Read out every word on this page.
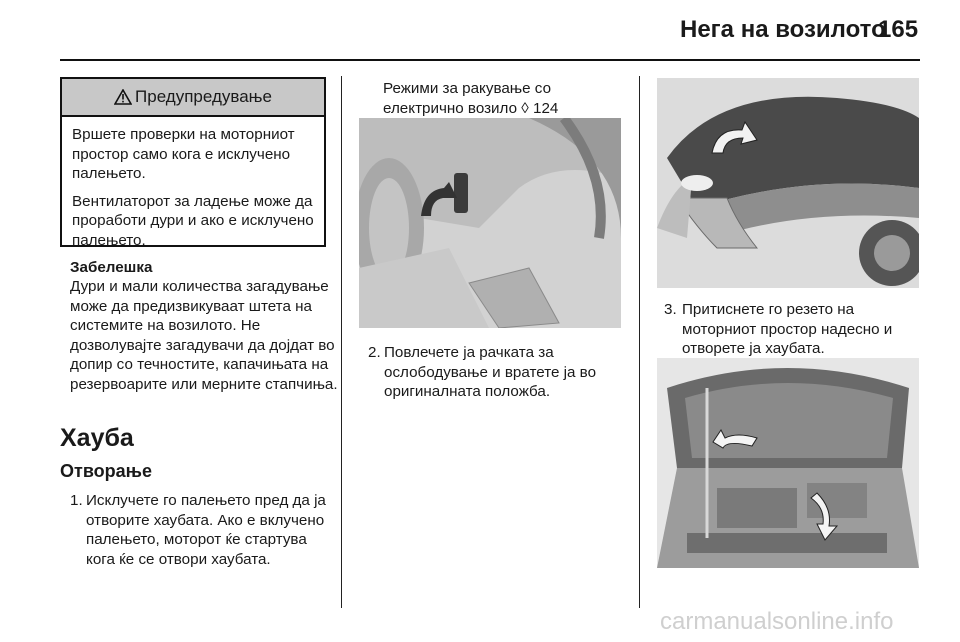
Нега на возилото
165
Предупредување

Вршете проверки на моторниот простор само кога е исклучено палењето.

Вентилаторот за ладење може да проработи дури и ако е исклучено палењето.

Забелешка
Дури и мали количества загадување може да предизвикуваат штета на системите на возилото. Не дозволувајте загадувачи да дојдат во допир со течностите, капачињата на резервоарите или мерните стапчиња.
Хауба
Отворање
1. Исклучете го палењето пред да ја отворите хаубата. Ако е вклучено палењето, моторот ќе стартува кога ќе се отвори хаубата.
Режими за ракување со електрично возило ◊ 124
2. Повлечете ја рачката за ослободување и вратете ја во оригиналната положба.
3. Притиснете го резето на моторниот простор надесно и отворете ја хаубата.
carmanualsonline.info
